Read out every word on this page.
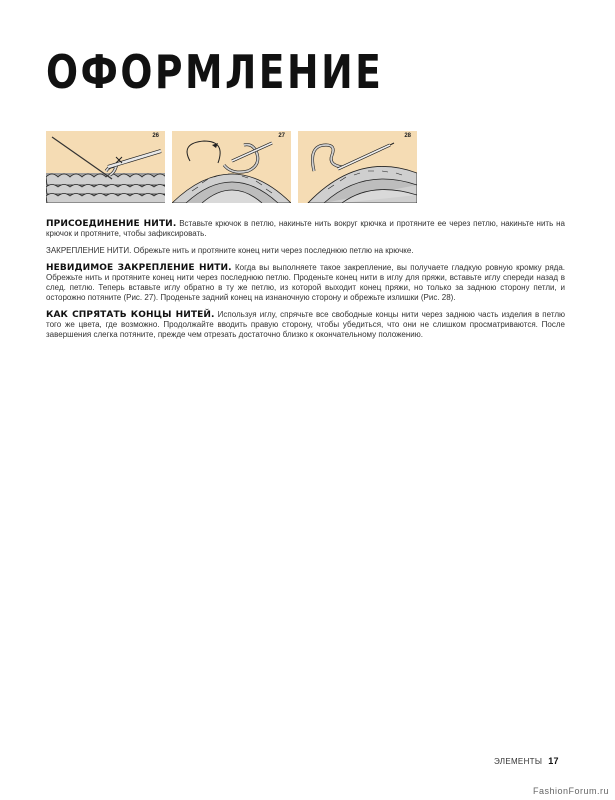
ОФОРМЛЕНИЕ
26	27	28

ПРИСОЕДИНЕНИЕ НИТИ. Вставьте крючок в петлю, накиньте нить вокруг крючка и протяните ее через петлю, накиньте нить на крючок и протяните, чтобы зафиксировать.

ЗАКРЕПЛЕНИЕ НИТИ. Обрежьте нить и протяните конец нити через последнюю петлю на крючке.

НЕВИДИМОЕ ЗАКРЕПЛЕНИЕ НИТИ. Когда вы выполняете такое закрепление, вы получаете гладкую ровную кромку ряда. Обрежьте нить и протяните конец нити через последнюю петлю. Проденьте конец нити в иглу для пряжи, вставьте иглу спереди назад в след. петлю. Теперь вставьте иглу обратно в ту же петлю, из которой выходит конец пряжи, но только за заднюю сторону петли, и осторожно потяните (Рис. 27). Проденьте задний конец на изнаночную сторону и обрежьте излишки (Рис. 28).

КАК СПРЯТАТЬ КОНЦЫ НИТЕЙ. Используя иглу, спрячьте все свободные концы нити через заднюю часть изделия в петлю того же цвета, где возможно. Продолжайте вводить правую сторону, чтобы убедиться, что они не слишком просматриваются. После завершения слегка потяните, прежде чем отрезать достаточно близко к окончательному положению.

ЭЛЕМЕНТЫ 17
FashionForum.ru
